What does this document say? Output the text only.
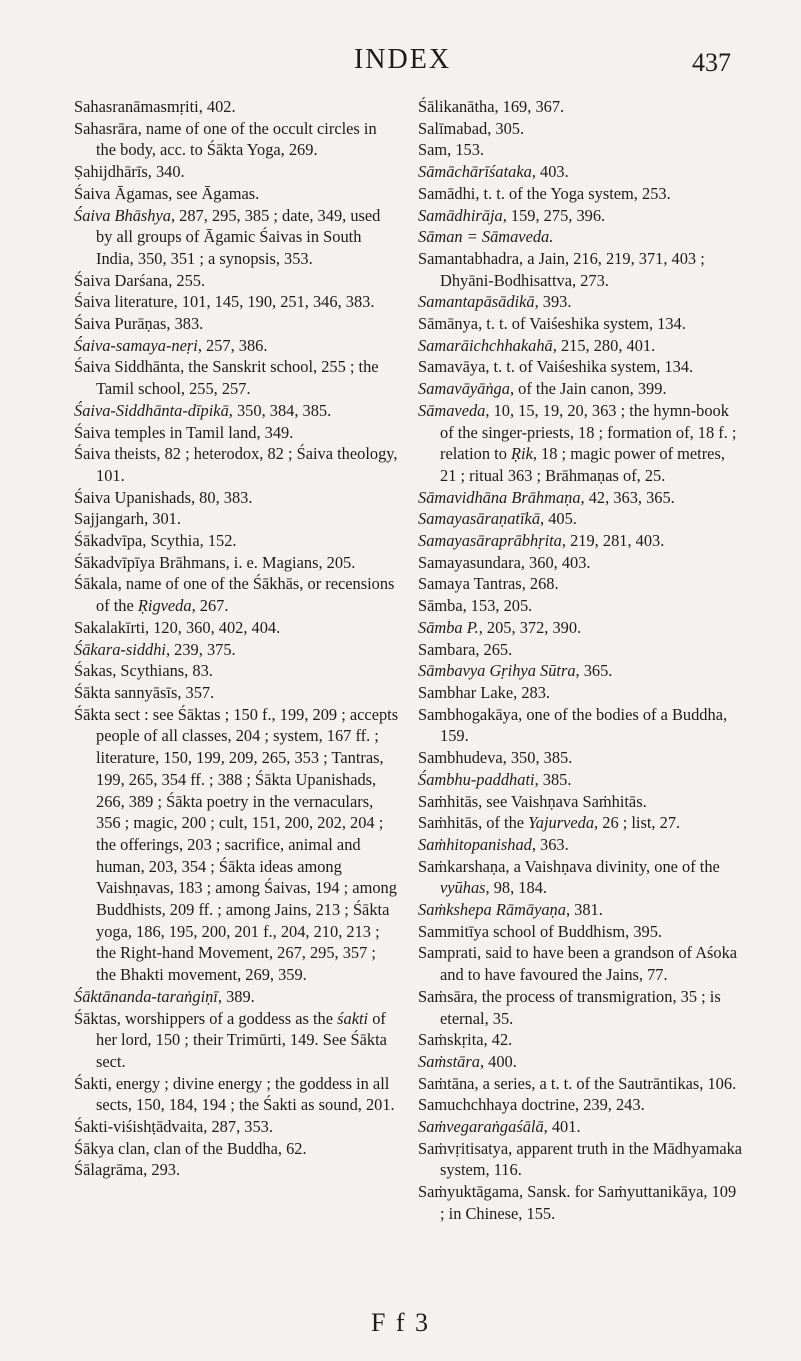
INDEX	437

Sahasranāmasmṛiti, 402.

Sahasrāra, name of one of the occult circles in the body, acc. to Śākta Yoga, 269.

Ṣahijdhārīs, 340.

Śaiva Āgamas, see Āgamas.

Śaiva Bhāshya, 287, 295, 385 ; date, 349, used by all groups of Āgamic Śaivas in South India, 350, 351 ; a synopsis, 353.

Śaiva Darśana, 255.

Śaiva literature, 101, 145, 190, 251, 346, 383.

Śaiva Purāṇas, 383.

Śaiva-samaya-neṛi, 257, 386.

Śaiva Siddhānta, the Sanskrit school, 255 ; the Tamil school, 255, 257.

Śaiva-Siddhānta-dīpikā, 350, 384, 385.

Śaiva temples in Tamil land, 349.

Śaiva theists, 82 ; heterodox, 82 ; Śaiva theology, 101.

Śaiva Upanishads, 80, 383.

Sajjangarh, 301.

Śākadvīpa, Scythia, 152.

Śākadvīpīya Brāhmans, i. e. Magians, 205.

Śākala, name of one of the Śākhās, or recensions of the Ṛigveda, 267.

Sakalakīrti, 120, 360, 402, 404.

Śākara-siddhi, 239, 375.

Śakas, Scythians, 83.

Śākta sannyāsīs, 357.

Śākta sect : see Śāktas ; 150 f., 199, 209 ; accepts people of all classes, 204 ; system, 167 ff. ; literature, 150, 199, 209, 265, 353 ; Tantras, 199, 265, 354 ff. ; 388 ; Śākta Upanishads, 266, 389 ; Śākta poetry in the vernaculars, 356 ; magic, 200 ; cult, 151, 200, 202, 204 ; the offerings, 203 ; sacrifice, animal and human, 203, 354 ; Śākta ideas among Vaishṇavas, 183 ; among Śaivas, 194 ; among Buddhists, 209 ff. ; among Jains, 213 ; Śākta yoga, 186, 195, 200, 201 f., 204, 210, 213 ; the Right-hand Movement, 267, 295, 357 ; the Bhakti movement, 269, 359.

Śāktānanda-taraṅgiṇī, 389.

Śāktas, worshippers of a goddess as the śakti of her lord, 150 ; their Trimūrti, 149. See Śākta sect.

Śakti, energy ; divine energy ; the goddess in all sects, 150, 184, 194 ; the Śakti as sound, 201.

Śakti-viśishṭādvaita, 287, 353.

Śākya clan, clan of the Buddha, 62.

Śālagrāma, 293.

Śālikanātha, 169, 367.

Salīmabad, 305.

Sam, 153.

Sāmāchārīśataka, 403.

Samādhi, t. t. of the Yoga system, 253.

Samādhirāja, 159, 275, 396.

Sāman = Sāmaveda.

Samantabhadra, a Jain, 216, 219, 371, 403 ; Dhyāni-Bodhisattva, 273.

Samantapāsādikā, 393.

Sāmānya, t. t. of Vaiśeshika system, 134.

Samarāichchhakahā, 215, 280, 401.

Samavāya, t. t. of Vaiśeshika system, 134.

Samavāyāṅga, of the Jain canon, 399.

Sāmaveda, 10, 15, 19, 20, 363 ; the hymn-book of the singer-priests, 18 ; formation of, 18 f. ; relation to Ṛik, 18 ; magic power of metres, 21 ; ritual 363 ; Brāhmaṇas of, 25.

Sāmavidhāna Brāhmaṇa, 42, 363, 365.

Samayasāraṇatīkā, 405.

Samayasāraprābhṛita, 219, 281, 403.

Samayasundara, 360, 403.

Samaya Tantras, 268.

Sāmba, 153, 205.

Sāmba P., 205, 372, 390.

Sambara, 265.

Sāmbavya Gṛihya Sūtra, 365.

Sambhar Lake, 283.

Sambhogakāya, one of the bodies of a Buddha, 159.

Sambhudeva, 350, 385.

Śambhu-paddhati, 385.

Saṁhitās, see Vaishṇava Saṁhitās.

Saṁhitās, of the Yajurveda, 26 ; list, 27.

Saṁhitopanishad, 363.

Saṁkarshaṇa, a Vaishṇava divinity, one of the vyūhas, 98, 184.

Saṁkshepa Rāmāyaṇa, 381.

Sammitīya school of Buddhism, 395.

Samprati, said to have been a grandson of Aśoka and to have favoured the Jains, 77.

Saṁsāra, the process of transmigration, 35 ; is eternal, 35.

Saṁskṛita, 42.

Saṁstāra, 400.

Saṁtāna, a series, a t. t. of the Sautrāntikas, 106.

Samuchchhaya doctrine, 239, 243.

Saṁvegaraṅgaśālā, 401.

Saṁvṛitisatya, apparent truth in the Mādhyamaka system, 116.

Saṁyuktāgama, Sansk. for Saṁyuttanikāya, 109 ; in Chinese, 155.

F f 3
